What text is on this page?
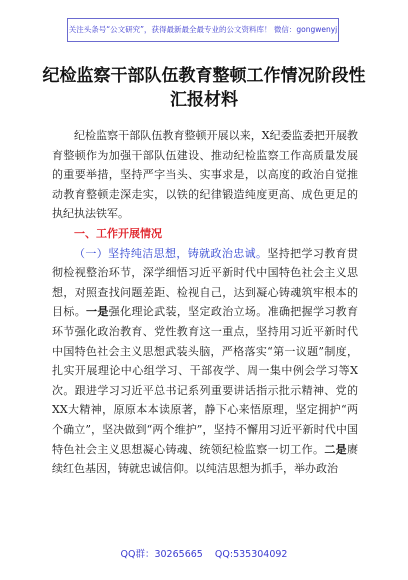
关注头条号“公文研究”，获得最新最全最专业的公文资料库！ 微信：gongwenyj
纪检监察干部队伍教育整顿工作情况阶段性汇报材料

纪检监察干部队伍教育整顿开展以来，X纪委监委把开展教育整顿作为加强干部队伍建设、推动纪检监察工作高质量发展的重要举措，坚持严字当头、实事求是，以高度的政治自觉推动教育整顿走深走实，以铁的纪律锻造纯度更高、成色更足的执纪执法铁军。

一、工作开展情况

（一）坚持纯洁思想，铸就政治忠诚。坚持把学习教育贯彻检视整治环节，深学细悟习近平新时代中国特色社会主义思想，对照查找问题差距、检视自己，达到凝心铸魂筑牢根本的目标。一是强化理论武装，坚定政治立场。准确把握学习教育环节强化政治教育、党性教育这一重点，坚持用习近平新时代中国特色社会主义思想武装头脑，严格落实“第一议题”制度，扎实开展理论中心组学习、干部夜学、周一集中例会学习等X次。跟进学习习近平总书记系列重要讲话指示批示精神、党的XX大精神，原原本本读原著，静下心来悟原理，坚定拥护“两个确立”，坚决做到“两个维护”，坚持不懈用习近平新时代中国特色社会主义思想凝心铸魂、统领纪检监察一切工作。二是赓续红色基因，铸就忠诚信仰。以纯洁思想为抓手，举办政治

QQ群：30265665 QQ:535304092
